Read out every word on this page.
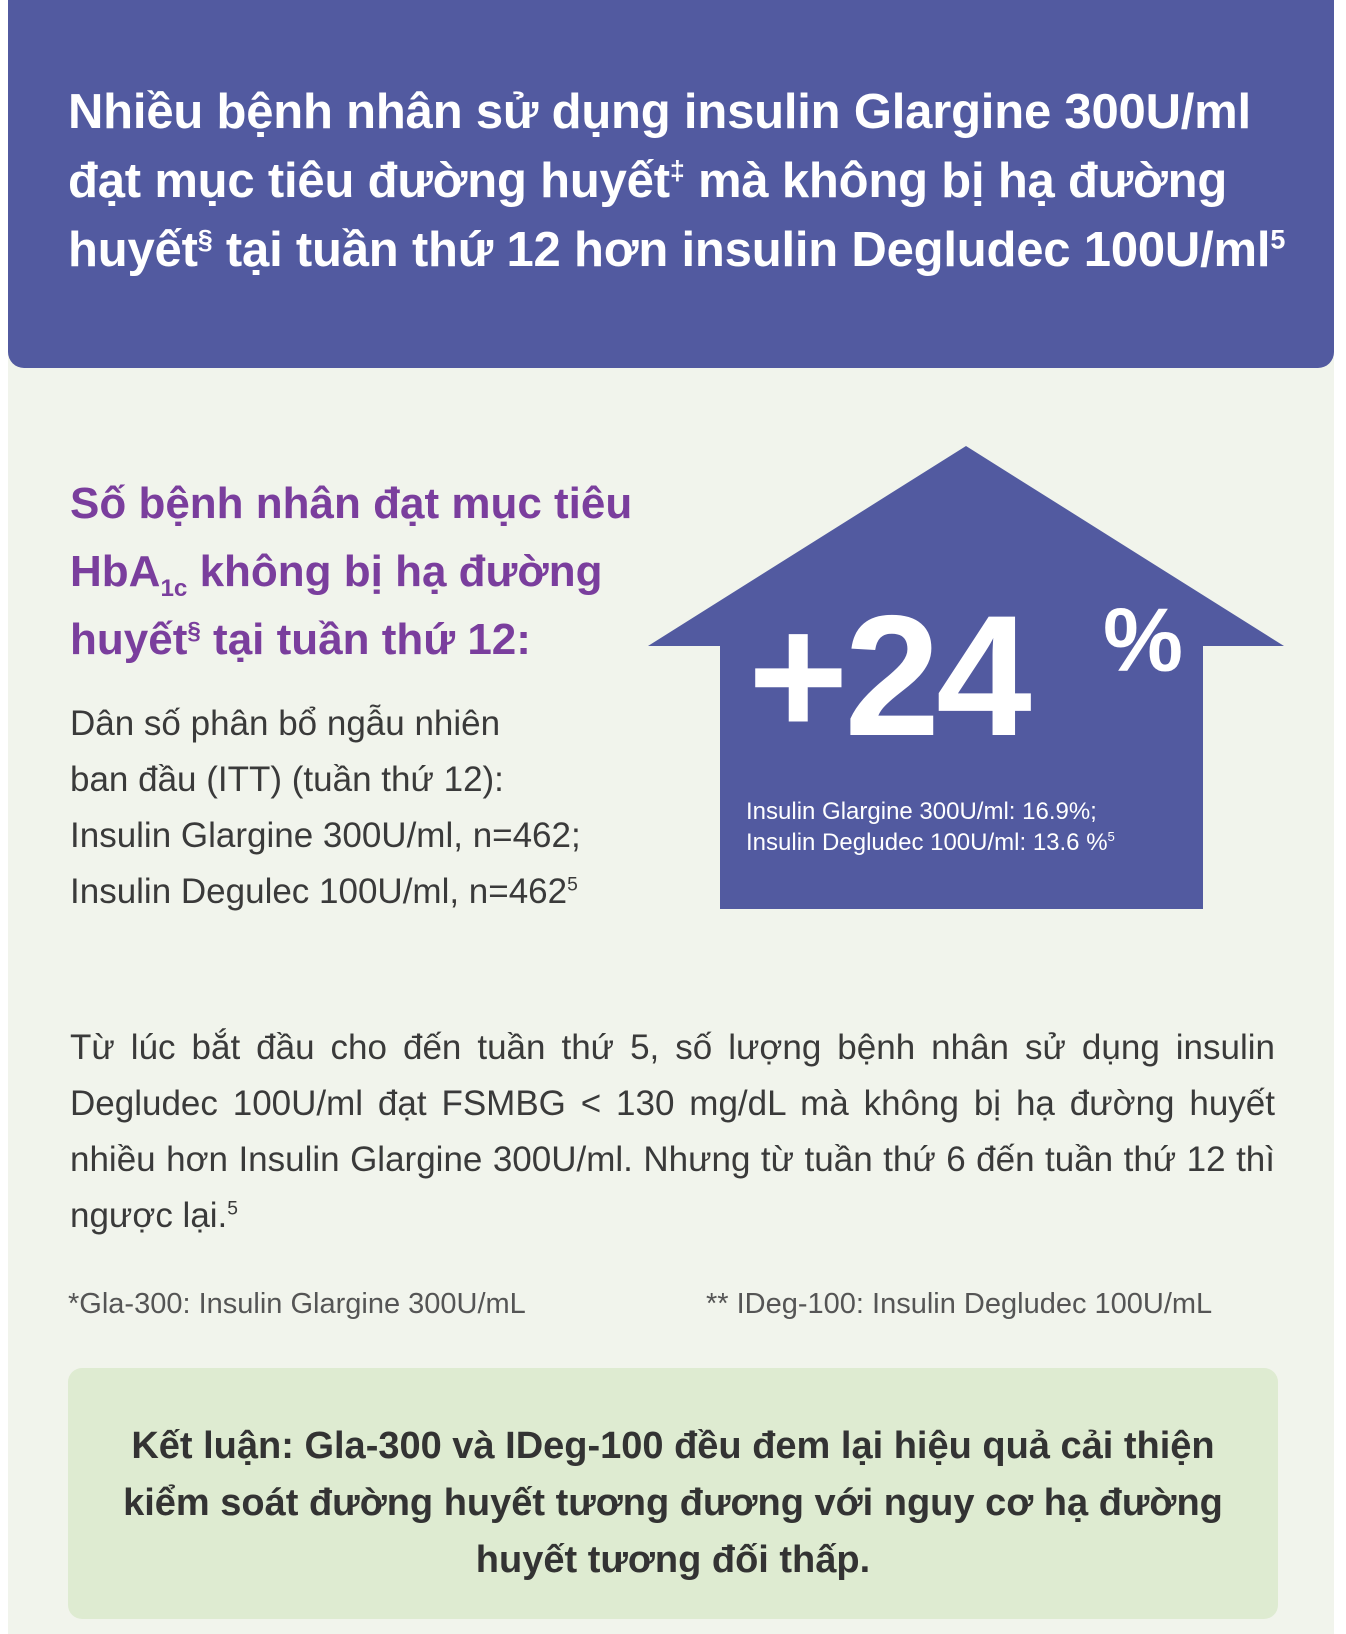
Nhiều bệnh nhân sử dụng insulin Glargine 300U/ml đạt mục tiêu đường huyết‡ mà không bị hạ đường huyết§ tại tuần thứ 12 hơn insulin Degludec $100U/ml^5$
Số bệnh nhân đạt mục tiêu HbA$_{1c}$ không bị hạ đường huyết§ tại tuần thứ 12:
Dân số phân bổ ngẫu nhiên
ban đầu (ITT) (tuần thứ 12):
Insulin Glargine 300U/ml, n=462;
Insulin Degulec 100U/ml, $n=462^5$
+24 %
Insulin Glargine 300U/ml: 16.9%;
Insulin Degludec 100U/ml: 13.6 %$^5$

Từ lúc bắt đầu cho đến tuần thứ 5, số lượng bệnh nhân sử dụng insulin Degludec 100U/ml đạt FSMBG < 130 mg/dL mà không bị hạ đường huyết nhiều hơn Insulin Glargine 300U/ml. Nhưng từ tuần thứ 6 đến tuần thứ 12 thì ngược lại.$^5$

*Gla-300: Insulin Glargine 300U/mL	** IDeg-100: Insulin Degludec 100U/mL

Kết luận: Gla-300 và IDeg-100 đều đem lại hiệu quả cải thiện kiểm soát đường huyết tương đương với nguy cơ hạ đường huyết tương đối thấp.
